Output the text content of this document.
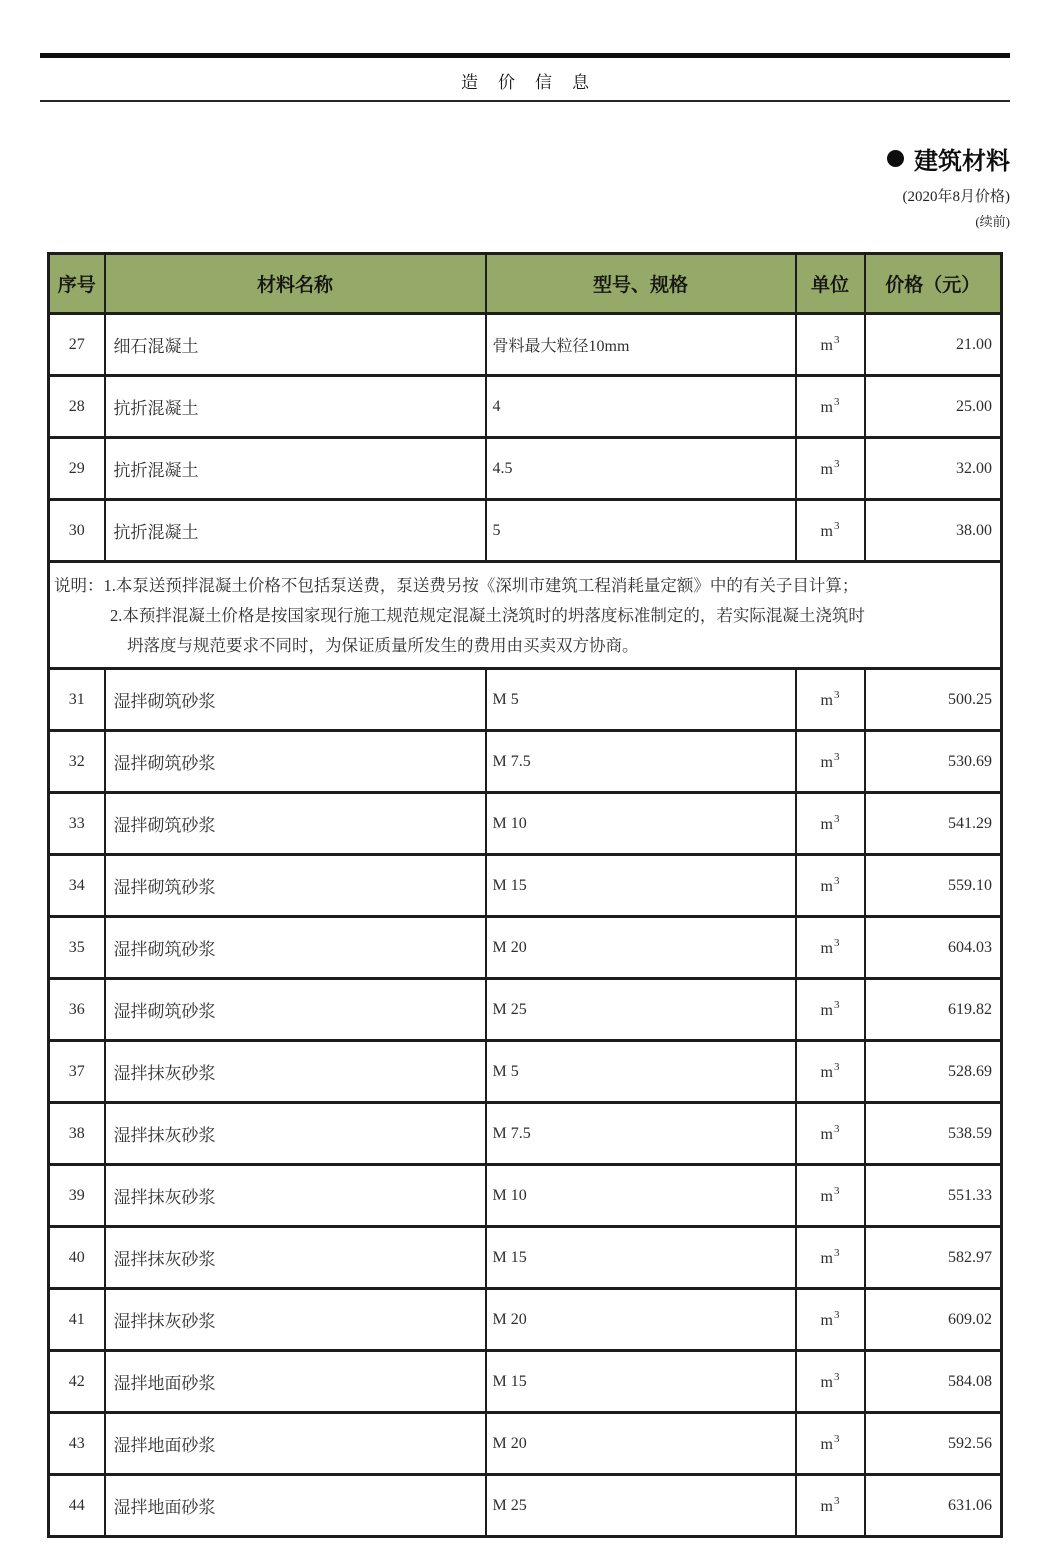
造价信息
建筑材料
(2020年8月价格)
(续前)
序号	材料名称	型号、规格	单位	价格（元）
27	细石混凝土	骨料最大粒径10mm	$m^3$	21.00
28	抗折混凝土	4	$m^3$	25.00
29	抗折混凝土	4.5	$m^3$	32.00
30	抗折混凝土	5	$m^3$	38.00

说明： 1.本泵送预拌混凝土价格不包括泵送费，泵送费另按《深圳市建筑工程消耗量定额》中的有关子目计算；
2.本预拌混凝土价格是按国家现行施工规范规定混凝土浇筑时的坍落度标准制定的，若实际混凝土浇筑时
坍落度与规范要求不同时，为保证质量所发生的费用由买卖双方协商。				

31	湿拌砌筑砂浆	M 5	$m^3$	500.25
32	湿拌砌筑砂浆	M 7.5	$m^3$	530.69
33	湿拌砌筑砂浆	M 10	$m^3$	541.29
34	湿拌砌筑砂浆	M 15	$m^3$	559.10
35	湿拌砌筑砂浆	M 20	$m^3$	604.03
36	湿拌砌筑砂浆	M 25	$m^3$	619.82
37	湿拌抹灰砂浆	M 5	$m^3$	528.69
38	湿拌抹灰砂浆	M 7.5	$m^3$	538.59
39	湿拌抹灰砂浆	M 10	$m^3$	551.33
40	湿拌抹灰砂浆	M 15	$m^3$	582.97
41	湿拌抹灰砂浆	M 20	$m^3$	609.02
42	湿拌地面砂浆	M 15	$m^3$	584.08
43	湿拌地面砂浆	M 20	$m^3$	592.56
44	湿拌地面砂浆	M 25	$m^3$	631.06
